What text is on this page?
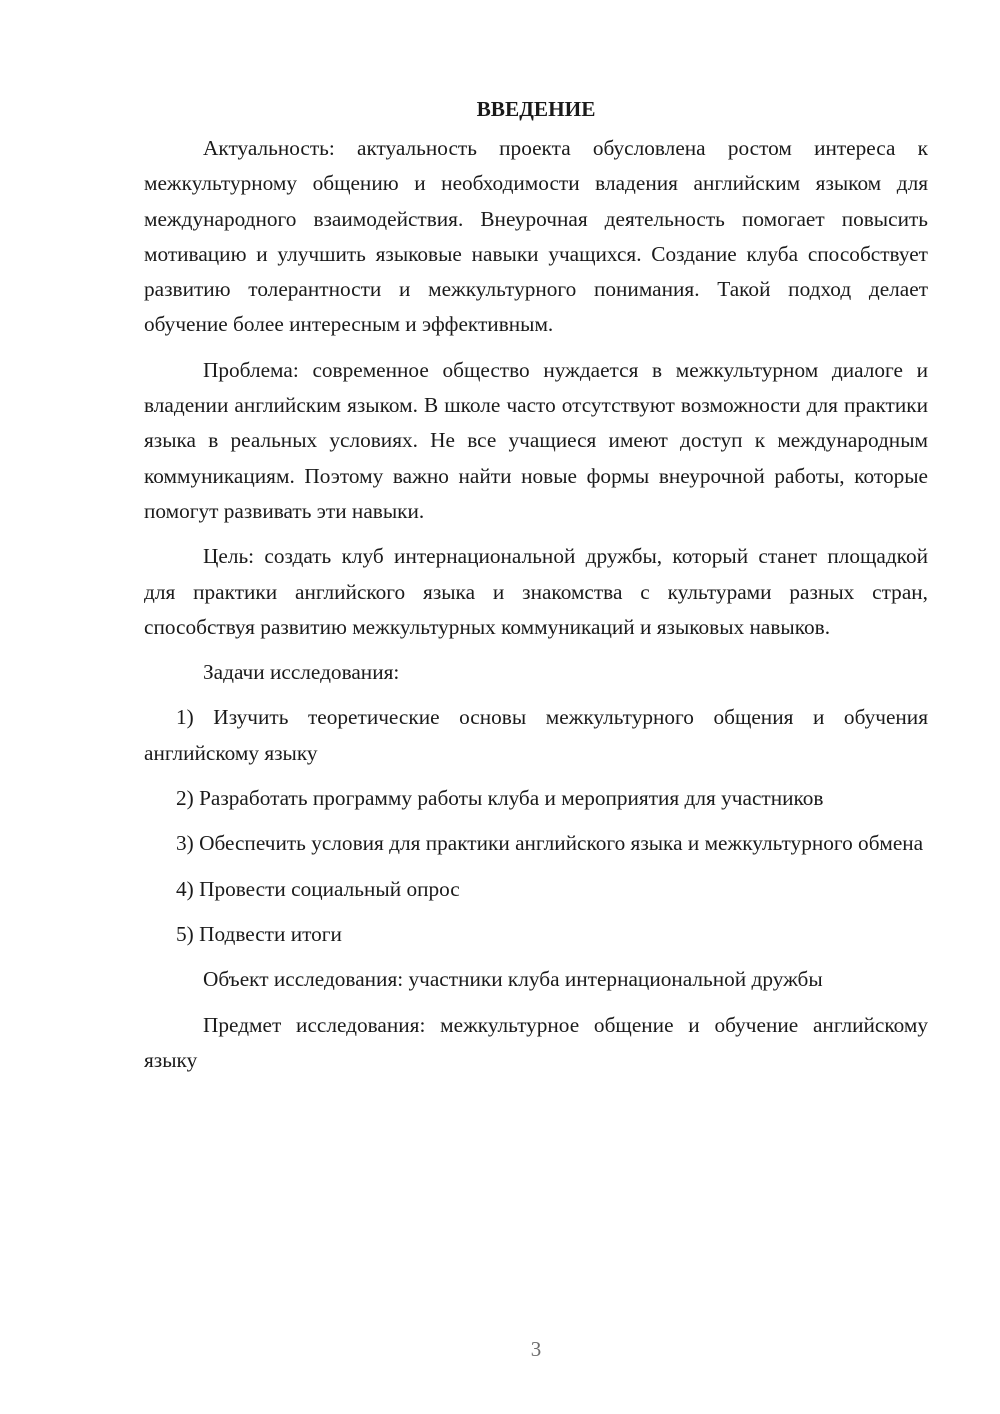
ВВЕДЕНИЕ

Актуальность: актуальность проекта обусловлена ростом интереса к межкультурному общению и необходимости владения английским языком для международного взаимодействия. Внеурочная деятельность помогает повысить мотивацию и улучшить языковые навыки учащихся. Создание клуба способствует развитию толерантности и межкультурного понимания. Такой подход делает обучение более интересным и эффективным.

Проблема: современное общество нуждается в межкультурном диалоге и владении английским языком. В школе часто отсутствуют возможности для практики языка в реальных условиях. Не все учащиеся имеют доступ к международным коммуникациям. Поэтому важно найти новые формы внеурочной работы, которые помогут развивать эти навыки.

Цель: создать клуб интернациональной дружбы, который станет площадкой для практики английского языка и знакомства с культурами разных стран, способствуя развитию межкультурных коммуникаций и языковых навыков.

Задачи исследования:

1) Изучить теоретические основы межкультурного общения и обучения английскому языку

2) Разработать программу работы клуба и мероприятия для участников

3) Обеспечить условия для практики английского языка и межкультурного обмена

4) Провести социальный опрос

5) Подвести итоги

Объект исследования: участники клуба интернациональной дружбы

Предмет исследования: межкультурное общение и обучение английскому языку

3
